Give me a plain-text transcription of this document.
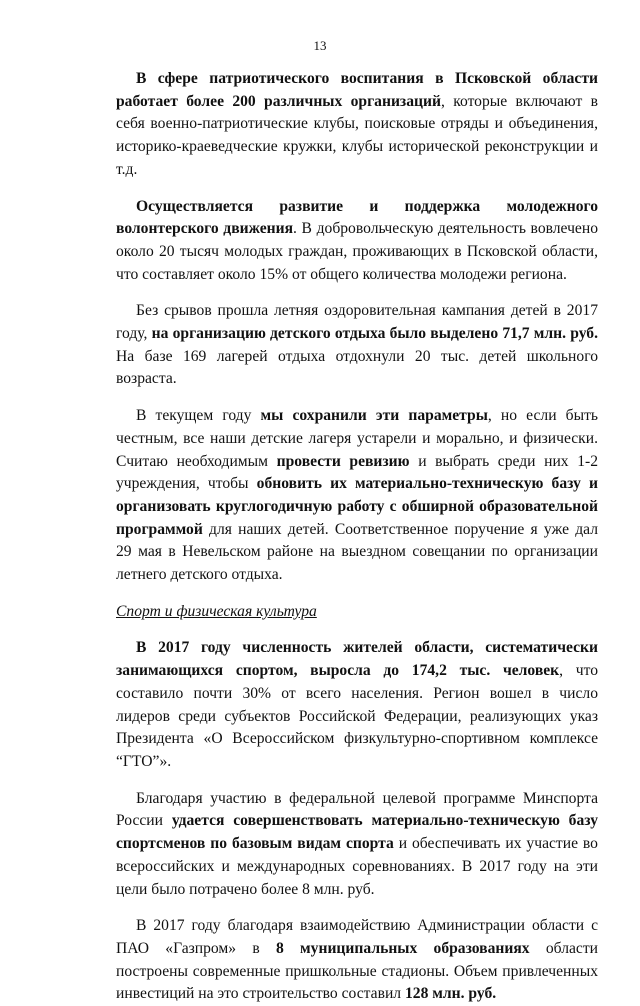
13

В сфере патриотического воспитания в Псковской области работает более 200 различных организаций, которые включают в себя военно-патриотические клубы, поисковые отряды и объединения, историко-краеведческие кружки, клубы исторической реконструкции и т.д.

Осуществляется развитие и поддержка молодежного волонтерского движения. В добровольческую деятельность вовлечено около 20 тысяч молодых граждан, проживающих в Псковской области, что составляет около 15% от общего количества молодежи региона.

Без срывов прошла летняя оздоровительная кампания детей в 2017 году, на организацию детского отдыха было выделено 71,7 млн. руб. На базе 169 лагерей отдыха отдохнули 20 тыс. детей школьного возраста.

В текущем году мы сохранили эти параметры, но если быть честным, все наши детские лагеря устарели и морально, и физически. Считаю необходимым провести ревизию и выбрать среди них 1-2 учреждения, чтобы обновить их материально-техническую базу и организовать круглогодичную работу с обширной образовательной программой для наших детей. Соответственное поручение я уже дал 29 мая в Невельском районе на выездном совещании по организации летнего детского отдыха.

Спорт и физическая культура

В 2017 году численность жителей области, систематически занимающихся спортом, выросла до 174,2 тыс. человек, что составило почти 30% от всего населения. Регион вошел в число лидеров среди субъектов Российской Федерации, реализующих указ Президента «О Всероссийском физкультурно-спортивном комплексе “ГТО”».

Благодаря участию в федеральной целевой программе Минспорта России удается совершенствовать материально-техническую базу спортсменов по базовым видам спорта и обеспечивать их участие во всероссийских и международных соревнованиях. В 2017 году на эти цели было потрачено более 8 млн. руб.

В 2017 году благодаря взаимодействию Администрации области с ПАО «Газпром» в 8 муниципальных образованиях области построены современные пришкольные стадионы. Объем привлеченных инвестиций на это строительство составил 128 млн. руб.
